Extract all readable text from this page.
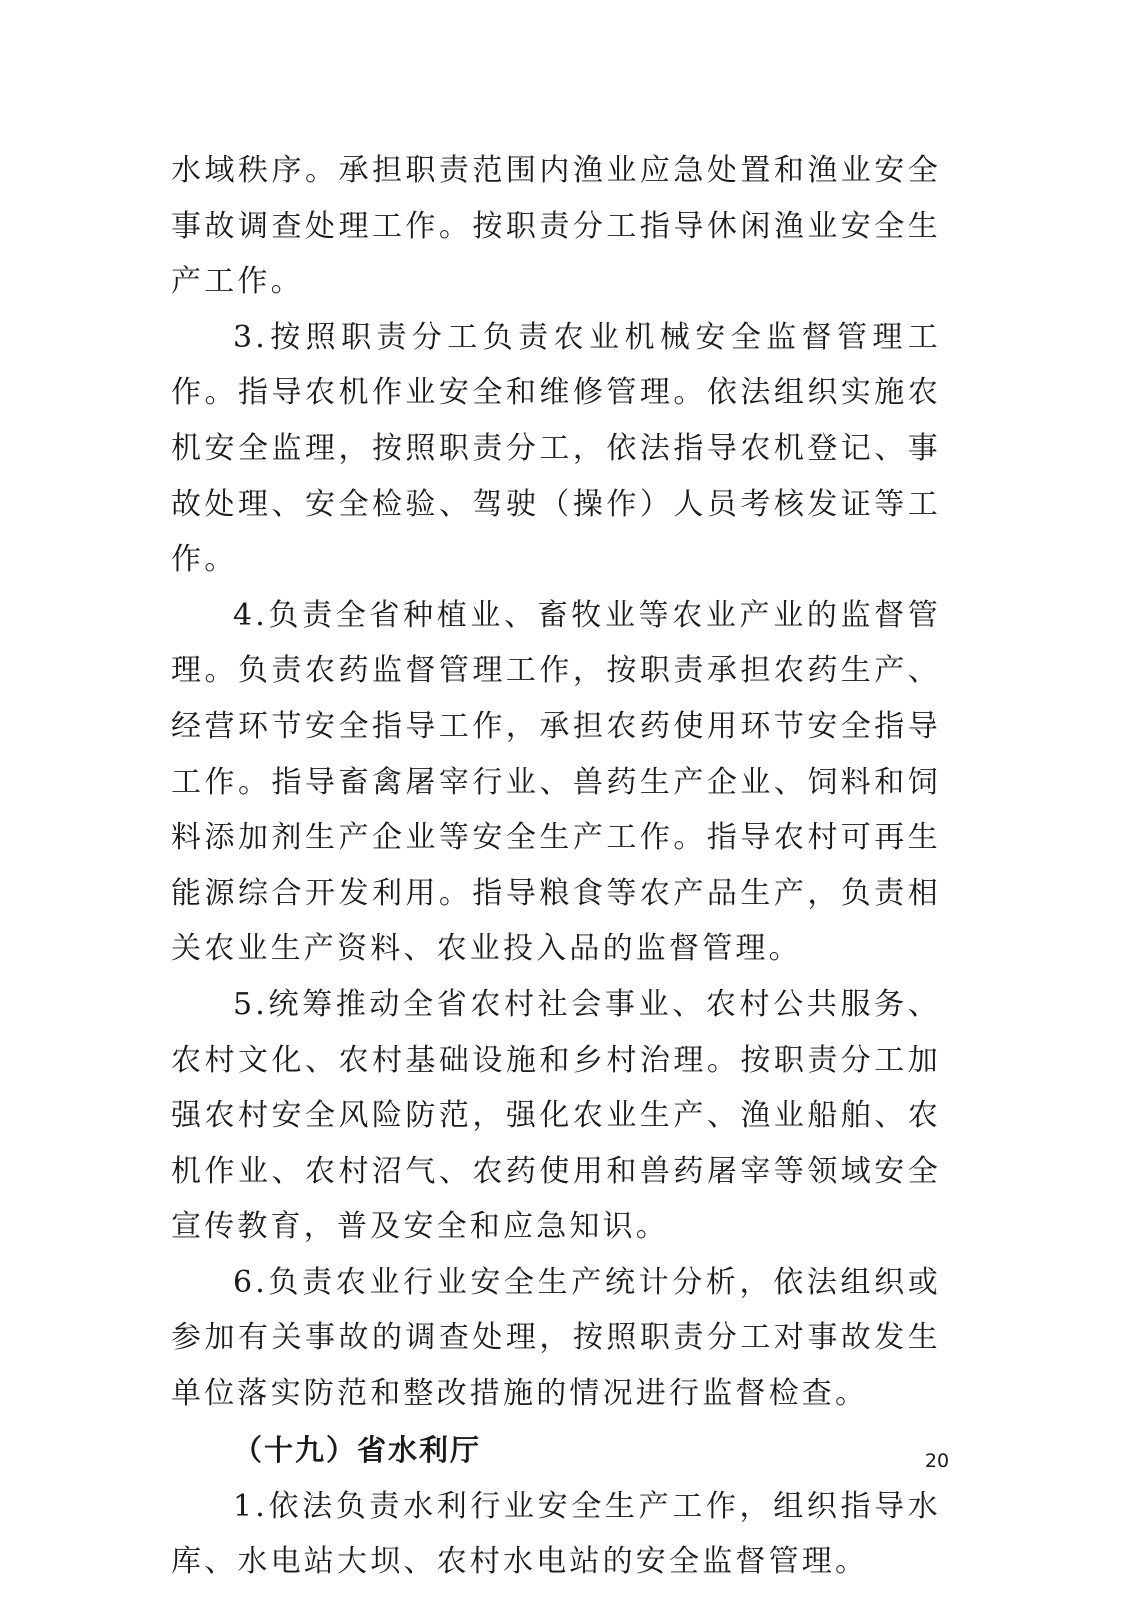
水域秩序。承担职责范围内渔业应急处置和渔业安全事故调查处理工作。按职责分工指导休闲渔业安全生产工作。

3.按照职责分工负责农业机械安全监督管理工作。指导农机作业安全和维修管理。依法组织实施农机安全监理，按照职责分工，依法指导农机登记、事故处理、安全检验、驾驶（操作）人员考核发证等工作。

4.负责全省种植业、畜牧业等农业产业的监督管理。负责农药监督管理工作，按职责承担农药生产、经营环节安全指导工作，承担农药使用环节安全指导工作。指导畜禽屠宰行业、兽药生产企业、饲料和饲料添加剂生产企业等安全生产工作。指导农村可再生能源综合开发利用。指导粮食等农产品生产，负责相关农业生产资料、农业投入品的监督管理。

5.统筹推动全省农村社会事业、农村公共服务、农村文化、农村基础设施和乡村治理。按职责分工加强农村安全风险防范，强化农业生产、渔业船舶、农机作业、农村沼气、农药使用和兽药屠宰等领域安全宣传教育，普及安全和应急知识。

6.负责农业行业安全生产统计分析，依法组织或参加有关事故的调查处理，按照职责分工对事故发生单位落实防范和整改措施的情况进行监督检查。

（十九）省水利厅

1.依法负责水利行业安全生产工作，组织指导水库、水电站大坝、农村水电站的安全监督管理。

20
